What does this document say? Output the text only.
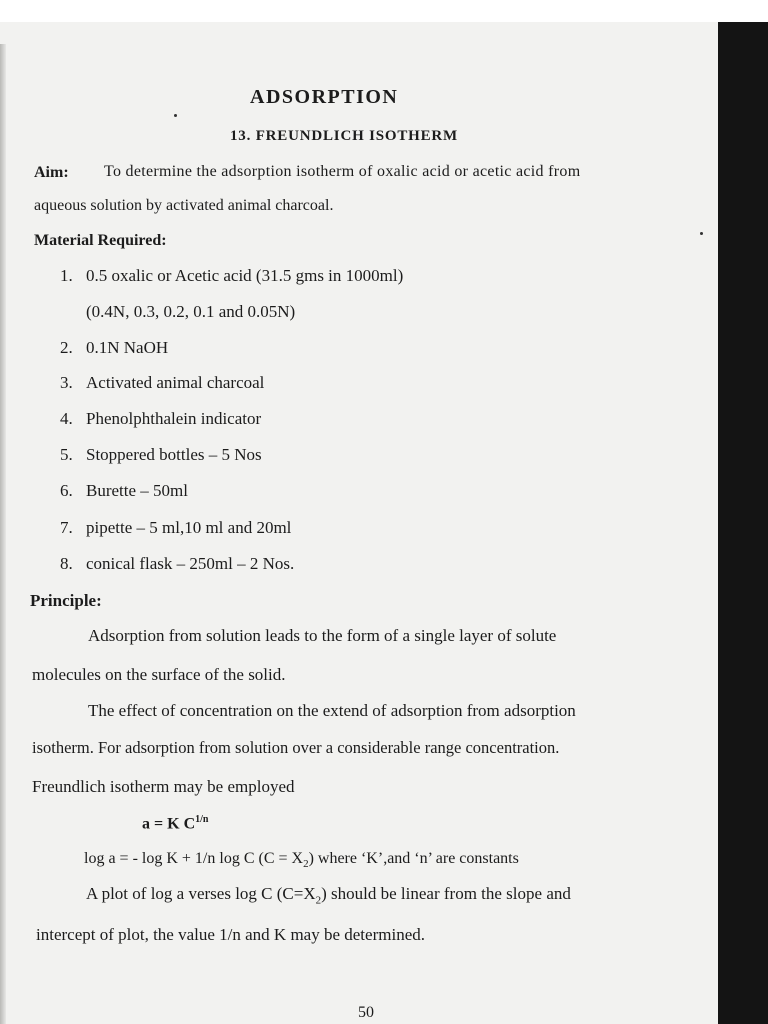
ADSORPTION
13. FREUNDLICH ISOTHERM
Aim: To determine the adsorption isotherm of oxalic acid or acetic acid from
aqueous solution by activated animal charcoal.
Material Required:
1. 0.5 oxalic or Acetic acid (31.5 gms in 1000ml)
(0.4N, 0.3, 0.2, 0.1 and 0.05N)
2. 0.1N NaOH
3. Activated animal charcoal
4. Phenolphthalein indicator
5. Stoppered bottles – 5 Nos
6. Burette – 50ml
7. pipette – 5 ml,10 ml and 20ml
8. conical flask – 250ml – 2 Nos.
Principle:
Adsorption from solution leads to the form of a single layer of solute
molecules on the surface of the solid.
The effect of concentration on the extend of adsorption from adsorption
isotherm. For adsorption from solution over a considerable range concentration.
Freundlich isotherm may be employed
a = K $C^{1/n}$
log a = - log K + 1/n log C $(C = X_2)$ where ‘K’,and ‘n’ are constants
A plot of log a verses log C $(C=X_2)$ should be linear from the slope and
intercept of plot, the value 1/n and K may be determined.
50
